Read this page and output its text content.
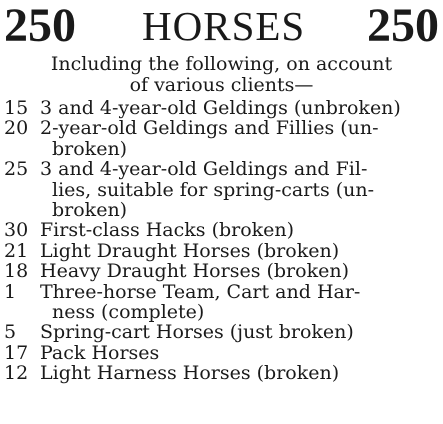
250 HORSES 250
Including the following, on account
of various clients—
15 3 and 4-year-old Geldings (unbroken)
20 2-year-old Geldings and Fillies (un-
broken)
25 3 and 4-year-old Geldings and Fil-
lies, suitable for spring-carts (un-
broken)
30 First-class Hacks (broken)
21 Light Draught Horses (broken)
18 Heavy Draught Horses (broken)
1	Three-horse Team, Cart and Har-
ness (complete)
5	Spring-cart Horses (just broken)
17 Pack Horses
12 Light Harness Horses (broken)
